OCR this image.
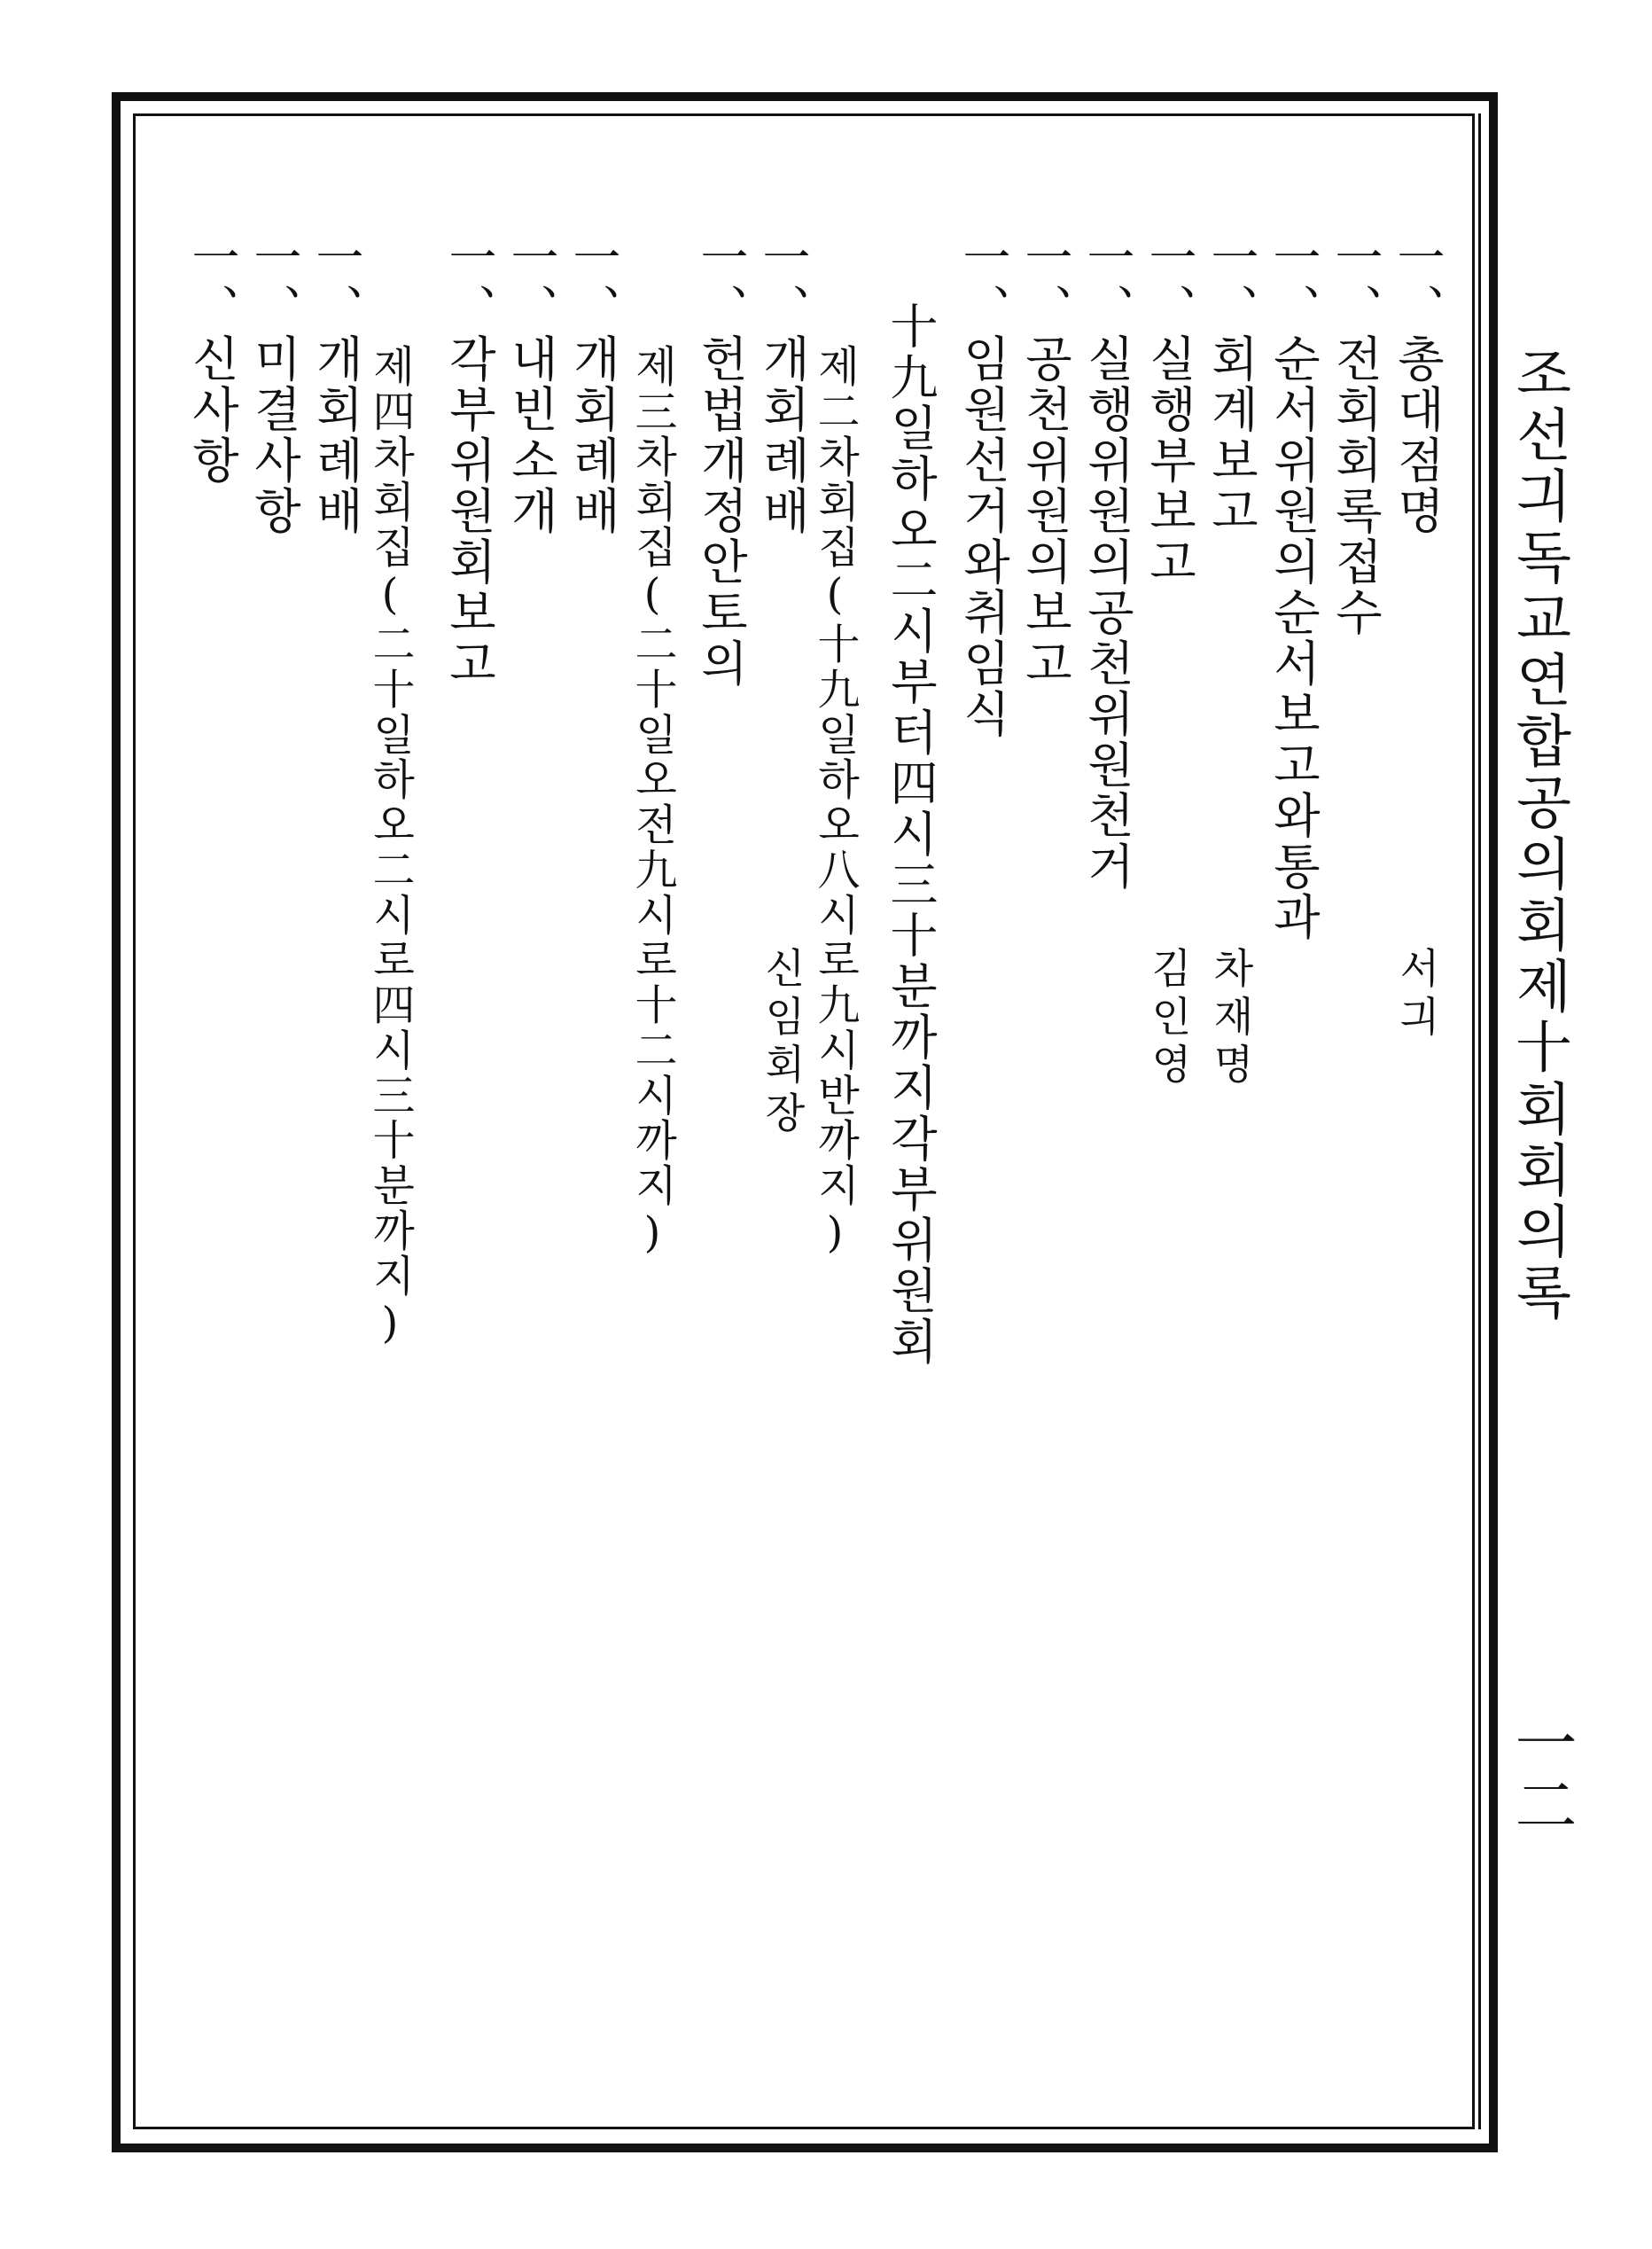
조선긔독교연합공의회제十회회의록
一二
一、총대점명
一、전회회록접수
一、순서위원의순서보고와통과
一、회계보고
一、실행부보고
一、실행위원의공천위원천거
一、공천위원의보고
一、임원선거와취임식
十九일하오二시부터四시三十분까지각부위원회
제二차회집(十九일하오八시로九시반까지)
一、개회례배
一、헌법개정안토의
제三차회집(二十일오전九시로十二시까지)
一、개회례배
一、내빈소개
一、각부위원회보고
제四차회집(二十일하오二시로四시三十분까지)
一、개회례배
一、미결사항
一、신사항
서긔
차재명
김인영
신임회장
